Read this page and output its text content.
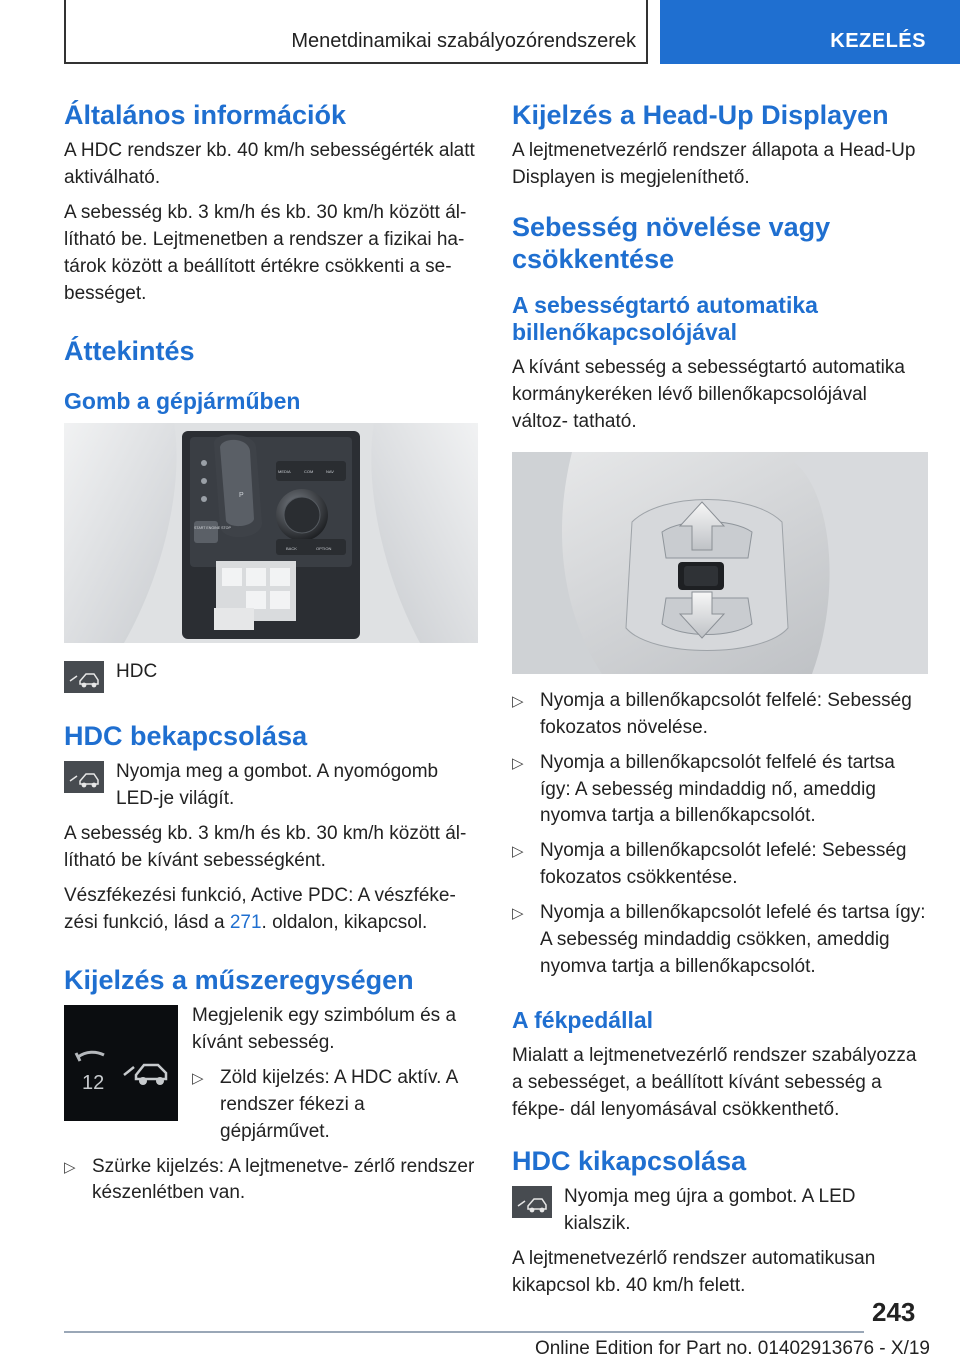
Menetdinamikai szabályozórendszerek	KEZELÉS
Általános információk

A HDC rendszer kb. 40 km/h sebességérték alatt aktiválható.

A sebesség kb. 3 km/h és kb. 30 km/h között ál- lítható be. Lejtmenetben a rendszer a fizikai ha- tárok között a beállított értékre csökkenti a se- bességet.

Áttekintés
Gomb a gépjárműben
P
START ENGINE STOP
MEDIA	COM	NAV
BACK	OPTION

HDC

HDC bekapcsolása

Nyomja meg a gombot. A nyomógomb LED-je világít.

A sebesség kb. 3 km/h és kb. 30 km/h között ál- lítható be kívánt sebességként.

Vészfékezési funkció, Active PDC: A vészféke- zési funkció, lásd a 271. oldalon, kikapcsol.

Kijelzés a műszeregységen
12

Megjelenik egy szimbólum és a kívánt sebesség.

▷ Zöld kijelzés: A HDC aktív. A rendszer fékezi a gépjárművet.

▷ Szürke kijelzés: A lejtmenetve- zérlő rendszer készenlétben van.

Kijelzés a Head-Up Displayen

A lejtmenetvezérlő rendszer állapota a Head-Up Displayen is megjeleníthető.

Sebesség növelése vagy csökkentése
A sebességtartó automatika billenőkapcsolójával

A kívánt sebesség a sebességtartó automatika kormánykeréken lévő billenőkapcsolójával változ- tatható.

▷ Nyomja a billenőkapcsolót felfelé: Sebesség fokozatos növelése.

▷ Nyomja a billenőkapcsolót felfelé és tartsa így: A sebesség mindaddig nő, ameddig nyomva tartja a billenőkapcsolót.

▷ Nyomja a billenőkapcsolót lefelé: Sebesség fokozatos csökkentése.

▷ Nyomja a billenőkapcsolót lefelé és tartsa így: A sebesség mindaddig csökken, ameddig nyomva tartja a billenőkapcsolót.

A fékpedállal

Mialatt a lejtmenetvezérlő rendszer szabályozza a sebességet, a beállított kívánt sebesség a fékpe- dál lenyomásával csökkenthető.

HDC kikapcsolása

Nyomja meg újra a gombot. A LED kialszik.

A lejtmenetvezérlő rendszer automatikusan kikapcsol kb. 40 km/h felett.

243
Online Edition for Part no. 01402913676 - X/19
